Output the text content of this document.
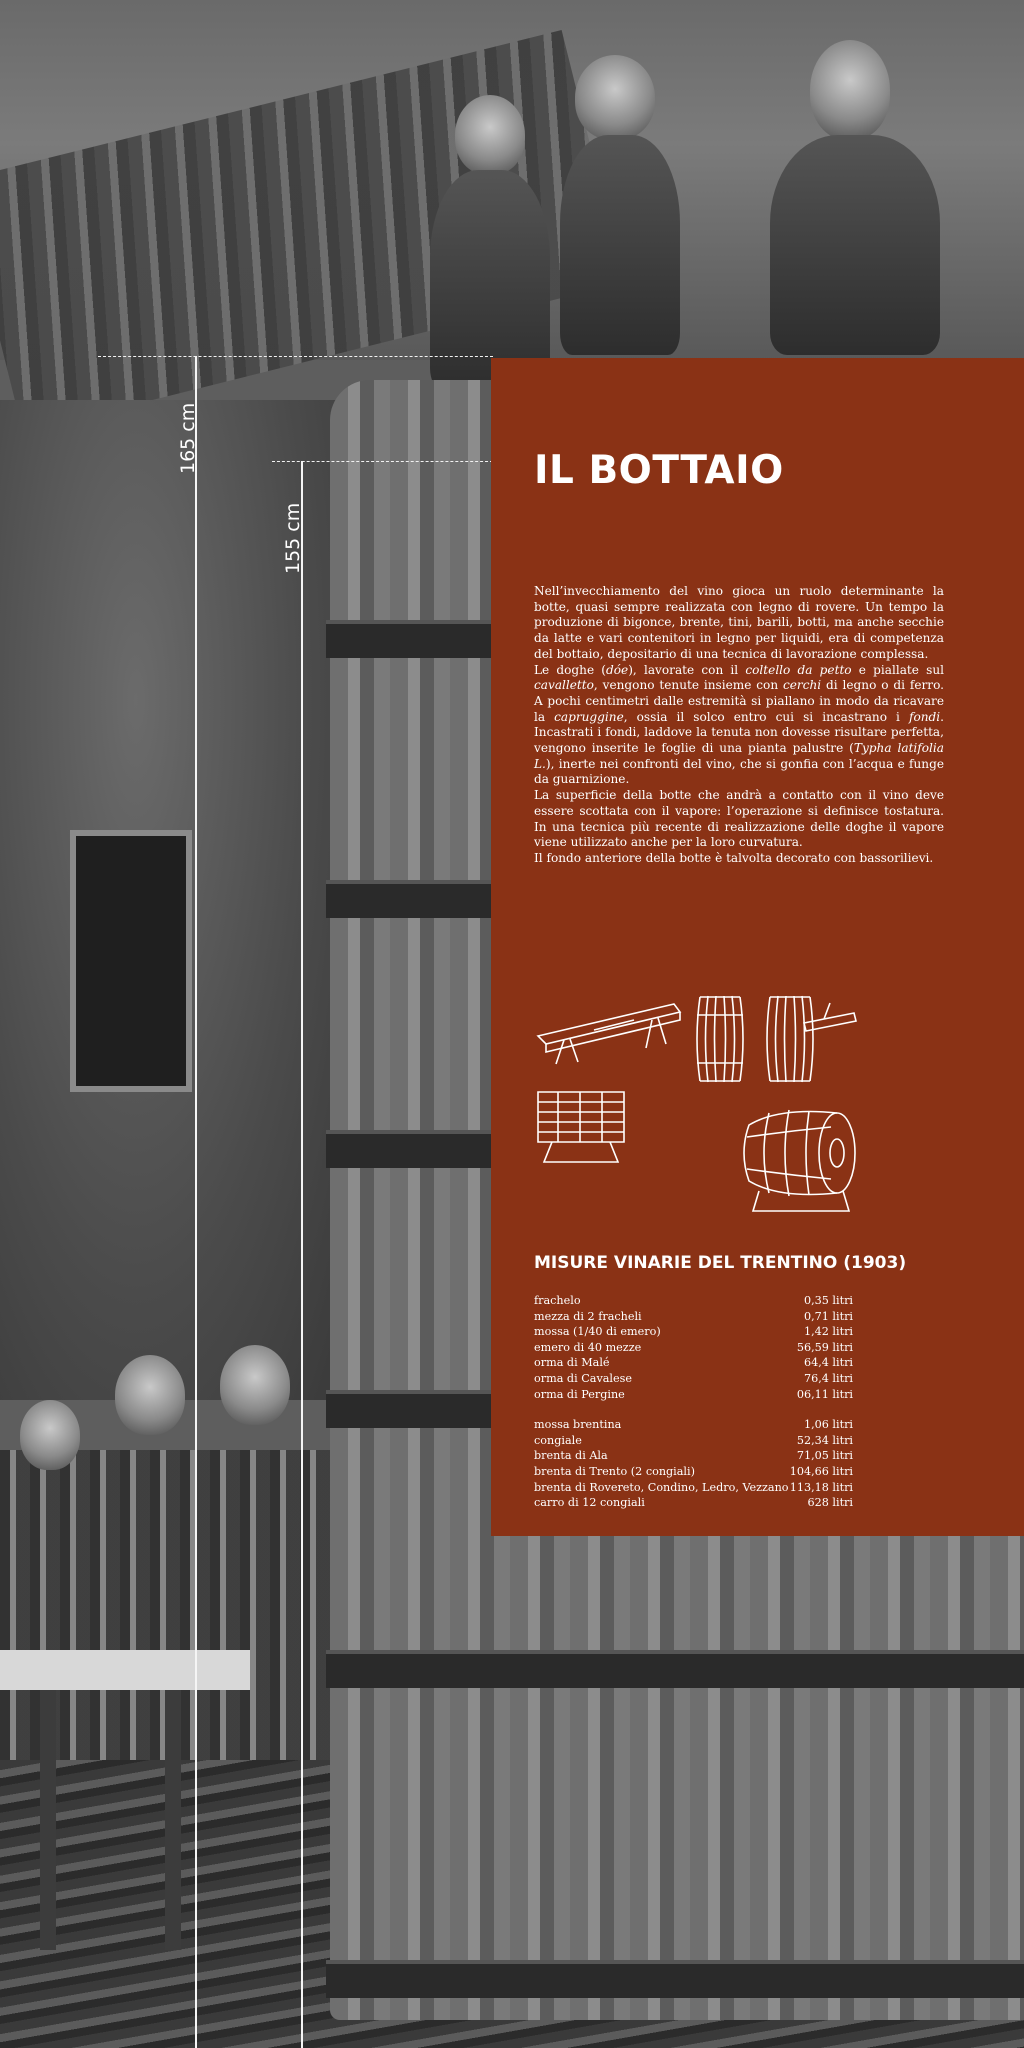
165 cm
155 cm
IL BOTTAIO

Nell’invecchiamento del vino gioca un ruolo determinante la botte, quasi sempre realizzata con legno di rovere. Un tempo la produzione di bigonce, brente, tini, barili, botti, ma anche secchie da latte e vari contenitori in legno per liquidi, era di competenza del bottaio, depositario di una tecnica di lavorazione complessa.

Le doghe (dóe), lavorate con il coltello da petto e piallate sul cavalletto, vengono tenute insieme con cerchi di legno o di ferro. A pochi centimetri dalle estremità si piallano in modo da ricavare la capruggine, ossia il solco entro cui si incastrano i fondi. Incastrati i fondi, laddove la tenuta non dovesse risultare perfetta, vengono inserite le foglie di una pianta palustre (Typha latifolia L.), inerte nei confronti del vino, che si gonfia con l’acqua e funge da guarnizione.

La superficie della botte che andrà a contatto con il vino deve essere scottata con il vapore: l’operazione si definisce tostatura. In una tecnica più recente di realizzazione delle doghe il vapore viene utilizzato anche per la loro curvatura.

Il fondo anteriore della botte è talvolta decorato con bassorilievi.

MISURE VINARIE DEL TRENTINO (1903)
frachelo	0,35 litri
mezza di 2 fracheli	0,71 litri
mossa (1/40 di emero)	1,42 litri
emero di 40 mezze	56,59 litri
orma di Malé	64,4 litri
orma di Cavalese	76,4 litri
orma di Pergine	06,11 litri
mossa brentina	1,06 litri
congiale	52,34 litri
brenta di Ala	71,05 litri
brenta di Trento (2 congiali)	104,66 litri
brenta di Rovereto, Condino, Ledro, Vezzano 113,18 litri
carro di 12 congiali	628 litri
